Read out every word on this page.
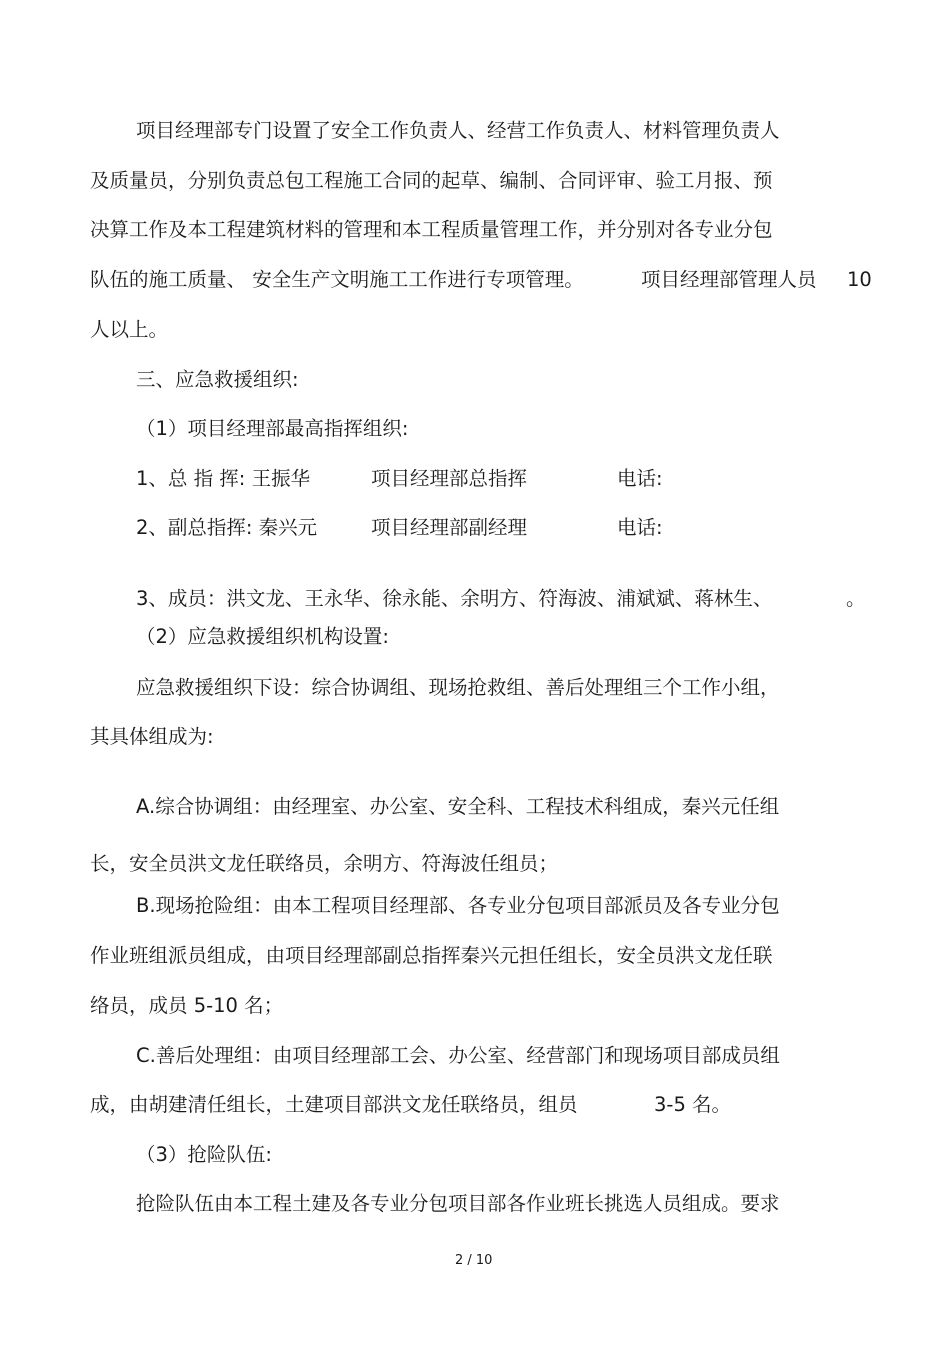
项目经理部专门设置了安全工作负责人、经营工作负责人、材料管理负责人
及质量员，分别负责总包工程施工合同的起草、编制、合同评审、验工月报、预
决算工作及本工程建筑材料的管理和本工程质量管理工作，并分别对各专业分包
队伍的施工质量、 安全生产文明施工工作进行专项管理。	项目经理部管理人员 10
人以上。
三、应急救援组织:
（1）项目经理部最高指挥组织:
1、总 指 挥: 王振华	项目经理部总指挥	电话:
2、副总指挥: 秦兴元	项目经理部副经理	电话:
3、成员：洪文龙、王永华、徐永能、余明方、符海波、浦斌斌、蒋林生、	。
（2）应急救援组织机构设置:
应急救援组织下设：综合协调组、现场抢救组、善后处理组三个工作小组，
其具体组成为:
A.综合协调组：由经理室、办公室、安全科、工程技术科组成，秦兴元任组
长，安全员洪文龙任联络员，余明方、符海波任组员；
B.现场抢险组：由本工程项目经理部、各专业分包项目部派员及各专业分包
作业班组派员组成，由项目经理部副总指挥秦兴元担任组长，安全员洪文龙任联
络员，成员 5-10 名；
C.善后处理组：由项目经理部工会、办公室、经营部门和现场项目部成员组
成，由胡建清任组长，土建项目部洪文龙任联络员，组员	3-5 名。
（3）抢险队伍:
抢险队伍由本工程土建及各专业分包项目部各作业班长挑选人员组成。要求
2 / 10
